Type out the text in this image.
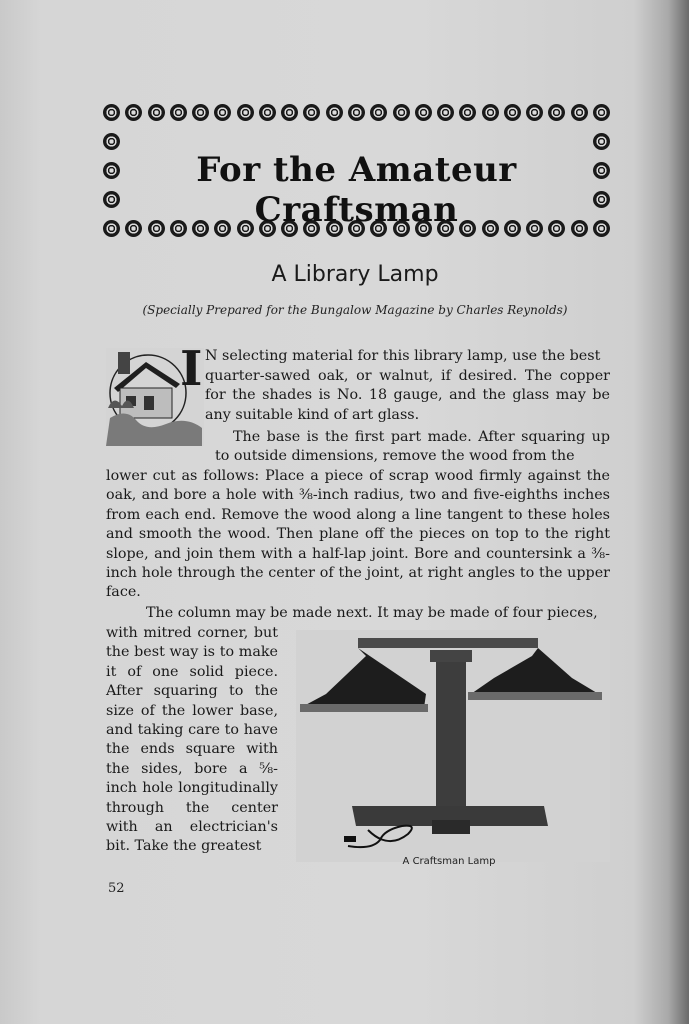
For the Amateur Craftsman
A Library Lamp
(Specially Prepared for the Bungalow Magazine by Charles Reynolds)
I N selecting material for this library lamp, use the best
quarter-sawed oak, or walnut, if desired. The copper for the shades is No. 18 gauge, and the glass may be any suitable kind of art glass.
The base is the first part made. After squaring up to outside dimensions, remove the wood from the
lower cut as follows: Place a piece of scrap wood firmly against the oak, and bore a hole with ⅜-inch radius, two and five-eighths inches from each end. Remove the wood along a line tangent to these holes and smooth the wood. Then plane off the pieces on top to the right slope, and join them with a half-lap joint. Bore and countersink a ⅜-inch hole through the center of the joint, at right angles to the upper face.
The column may be made next. It may be made of four pieces,
with mitred corner, but the best way is to make it of one solid piece. After squaring to the size of the lower base, and taking care to have the ends square with the sides, bore a ⅝-inch hole longitudinally through the center with an electrician's bit. Take the greatest
A Craftsman Lamp
52
